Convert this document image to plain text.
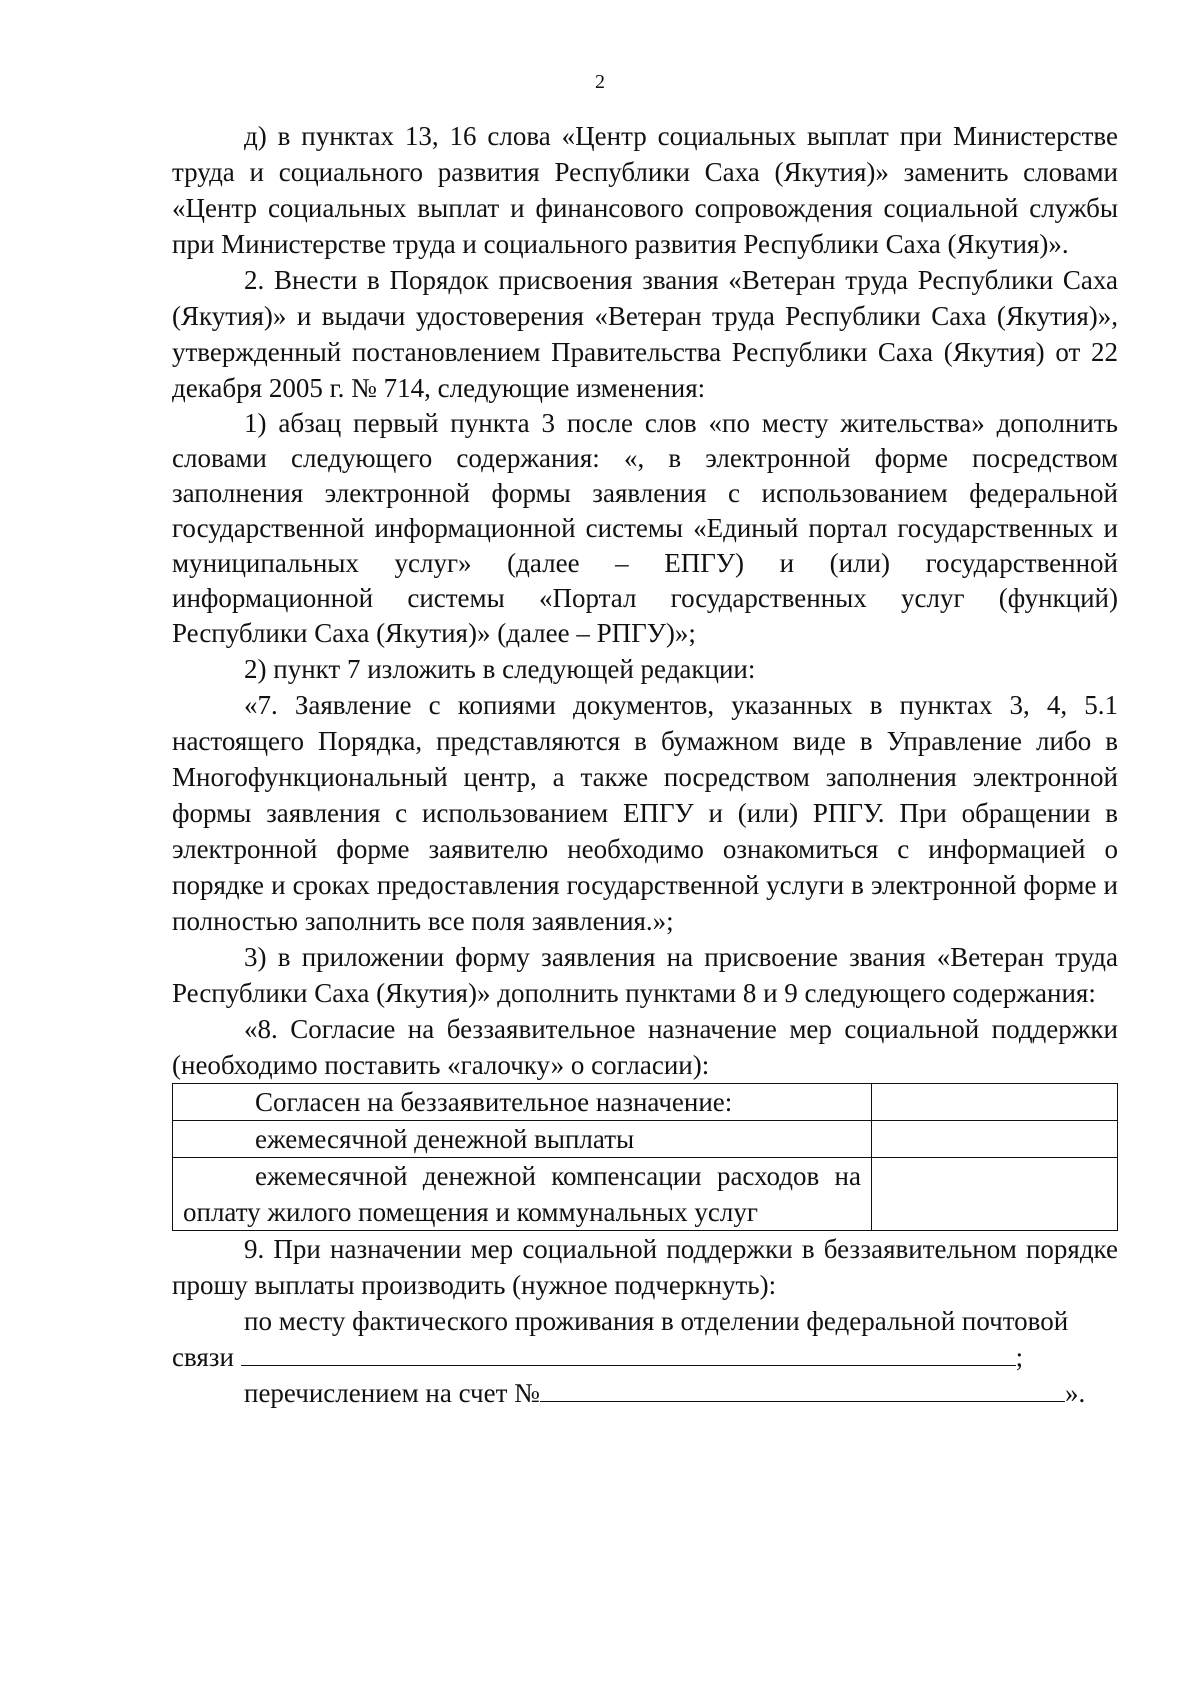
2

д) в пунктах 13, 16 слова «Центр социальных выплат при Министерстве труда и социального развития Республики Саха (Якутия)» заменить словами «Центр социальных выплат и финансового сопровождения социальной службы при Министерстве труда и социального развития Республики Саха (Якутия)».

2. Внести в Порядок присвоения звания «Ветеран труда Республики Саха (Якутия)» и выдачи удостоверения «Ветеран труда Республики Саха (Якутия)», утвержденный постановлением Правительства Республики Саха (Якутия) от 22 декабря 2005 г. № 714, следующие изменения:

1) абзац первый пункта 3 после слов «по месту жительства» дополнить словами следующего содержания: «, в электронной форме посредством заполнения электронной формы заявления с использованием федеральной государственной информационной системы «Единый портал государственных и муниципальных услуг» (далее – ЕПГУ) и (или) государственной информационной системы «Портал государственных услуг (функций) Республики Саха (Якутия)» (далее – РПГУ)»;

2) пункт 7 изложить в следующей редакции:

«7. Заявление с копиями документов, указанных в пунктах 3, 4, 5.1 настоящего Порядка, представляются в бумажном виде в Управление либо в Многофункциональный центр, а также посредством заполнения электронной формы заявления с использованием ЕПГУ и (или) РПГУ. При обращении в электронной форме заявителю необходимо ознакомиться с информацией о порядке и сроках предоставления государственной услуги в электронной форме и полностью заполнить все поля заявления.»;

3) в приложении форму заявления на присвоение звания «Ветеран труда Республики Саха (Якутия)» дополнить пунктами 8 и 9 следующего содержания:

«8. Согласие на беззаявительное назначение мер социальной поддержки (необходимо поставить «галочку» о согласии):

Согласен на беззаявительное назначение:	
ежемесячной денежной выплаты	
ежемесячной денежной компенсации расходов на оплату жилого помещения и коммунальных услуг	

9. При назначении мер социальной поддержки в беззаявительном порядке прошу выплаты производить (нужное подчеркнуть):

по месту фактического проживания в отделении федеральной почтовой

связи	;

перечислением на счет №	».
